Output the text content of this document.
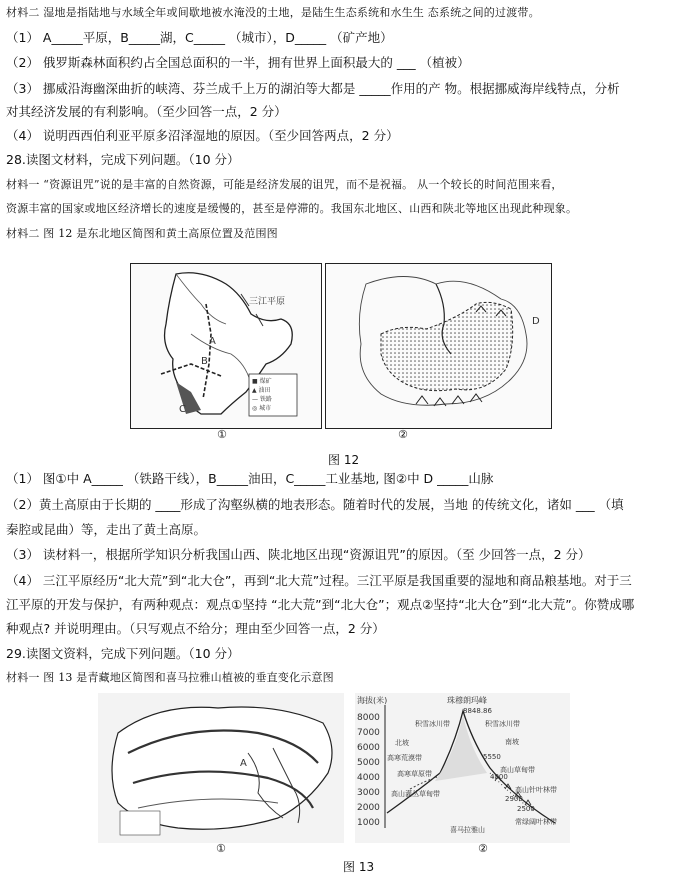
材料二 湿地是指陆地与水域全年或间歇地被水淹没的土地，是陆生生态系统和水生生 态系统之间的过渡带。
（1） A_____平原，B_____湖，C_____ （城市），D_____ （矿产地）
（2） 俄罗斯森林面积约占全国总面积的一半，拥有世界上面积最大的 ___ （植被）
（3） 挪威沿海幽深曲折的峡湾、芬兰成千上万的湖泊等大都是 _____作用的产 物。根据挪威海岸线特点，分析
对其经济发展的有利影响。（至少回答一点，2 分）
（4） 说明西西伯利亚平原多沼泽湿地的原因。（至少回答两点，2 分）
28.读图文材料，完成下列问题。（10 分）
材料一 “资源诅咒”说的是丰富的自然资源，可能是经济发展的诅咒，而不是祝福。 从一个较长的时间范围来看，
资源丰富的国家或地区经济增长的速度是缓慢的，甚至是停滞的。我国东北地区、山西和陕北等地区出现此种现象。
材料二 图 12 是东北地区简图和黄土高原位置及范围图
■ 煤矿
▲ 油田
— 铁路
◎ 城市
三江平原
A
B
C
①
D
②
图 12
（1） 图①中 A_____ （铁路干线），B_____油田，C_____工业基地, 图②中 D _____山脉
（2）黄土高原由于长期的 ____形成了沟壑纵横的地表形态。随着时代的发展，当地 的传统文化，诸如 ___ （填
秦腔或昆曲）等，走出了黄土高原。
（3） 读材料一，根据所学知识分析我国山西、陕北地区出现“资源诅咒”的原因。（至 少回答一点，2 分）
（4） 三江平原经历“北大荒”到“北大仓”，再到“北大荒”过程。三江平原是我国重要的湿地和商品粮基地。对于三
江平原的开发与保护，有两种观点：观点①坚持 “北大荒”到“北大仓”；观点②坚持“北大仓”到“北大荒”。你赞成哪
种观点? 并说明理由。（只写观点不给分；理由至少回答一点，2 分）
29.读图文资料，完成下列问题。（10 分）
材料一 图 13 是青藏地区简图和喜马拉雅山植被的垂直变化示意图
A
①
海拔(米)
8000
7000
6000
5000
4000
3000
2000
1000
珠穆朗玛峰
8848.86
积雪冰川带
北坡
高寒荒漠带
高寒草原带
积雪冰川带
南坡
5550
高山草甸带
4800
高山针叶林带
2900
2500
常绿阔叶林带
高山灌丛草甸带
喜马拉雅山
②
图 13
